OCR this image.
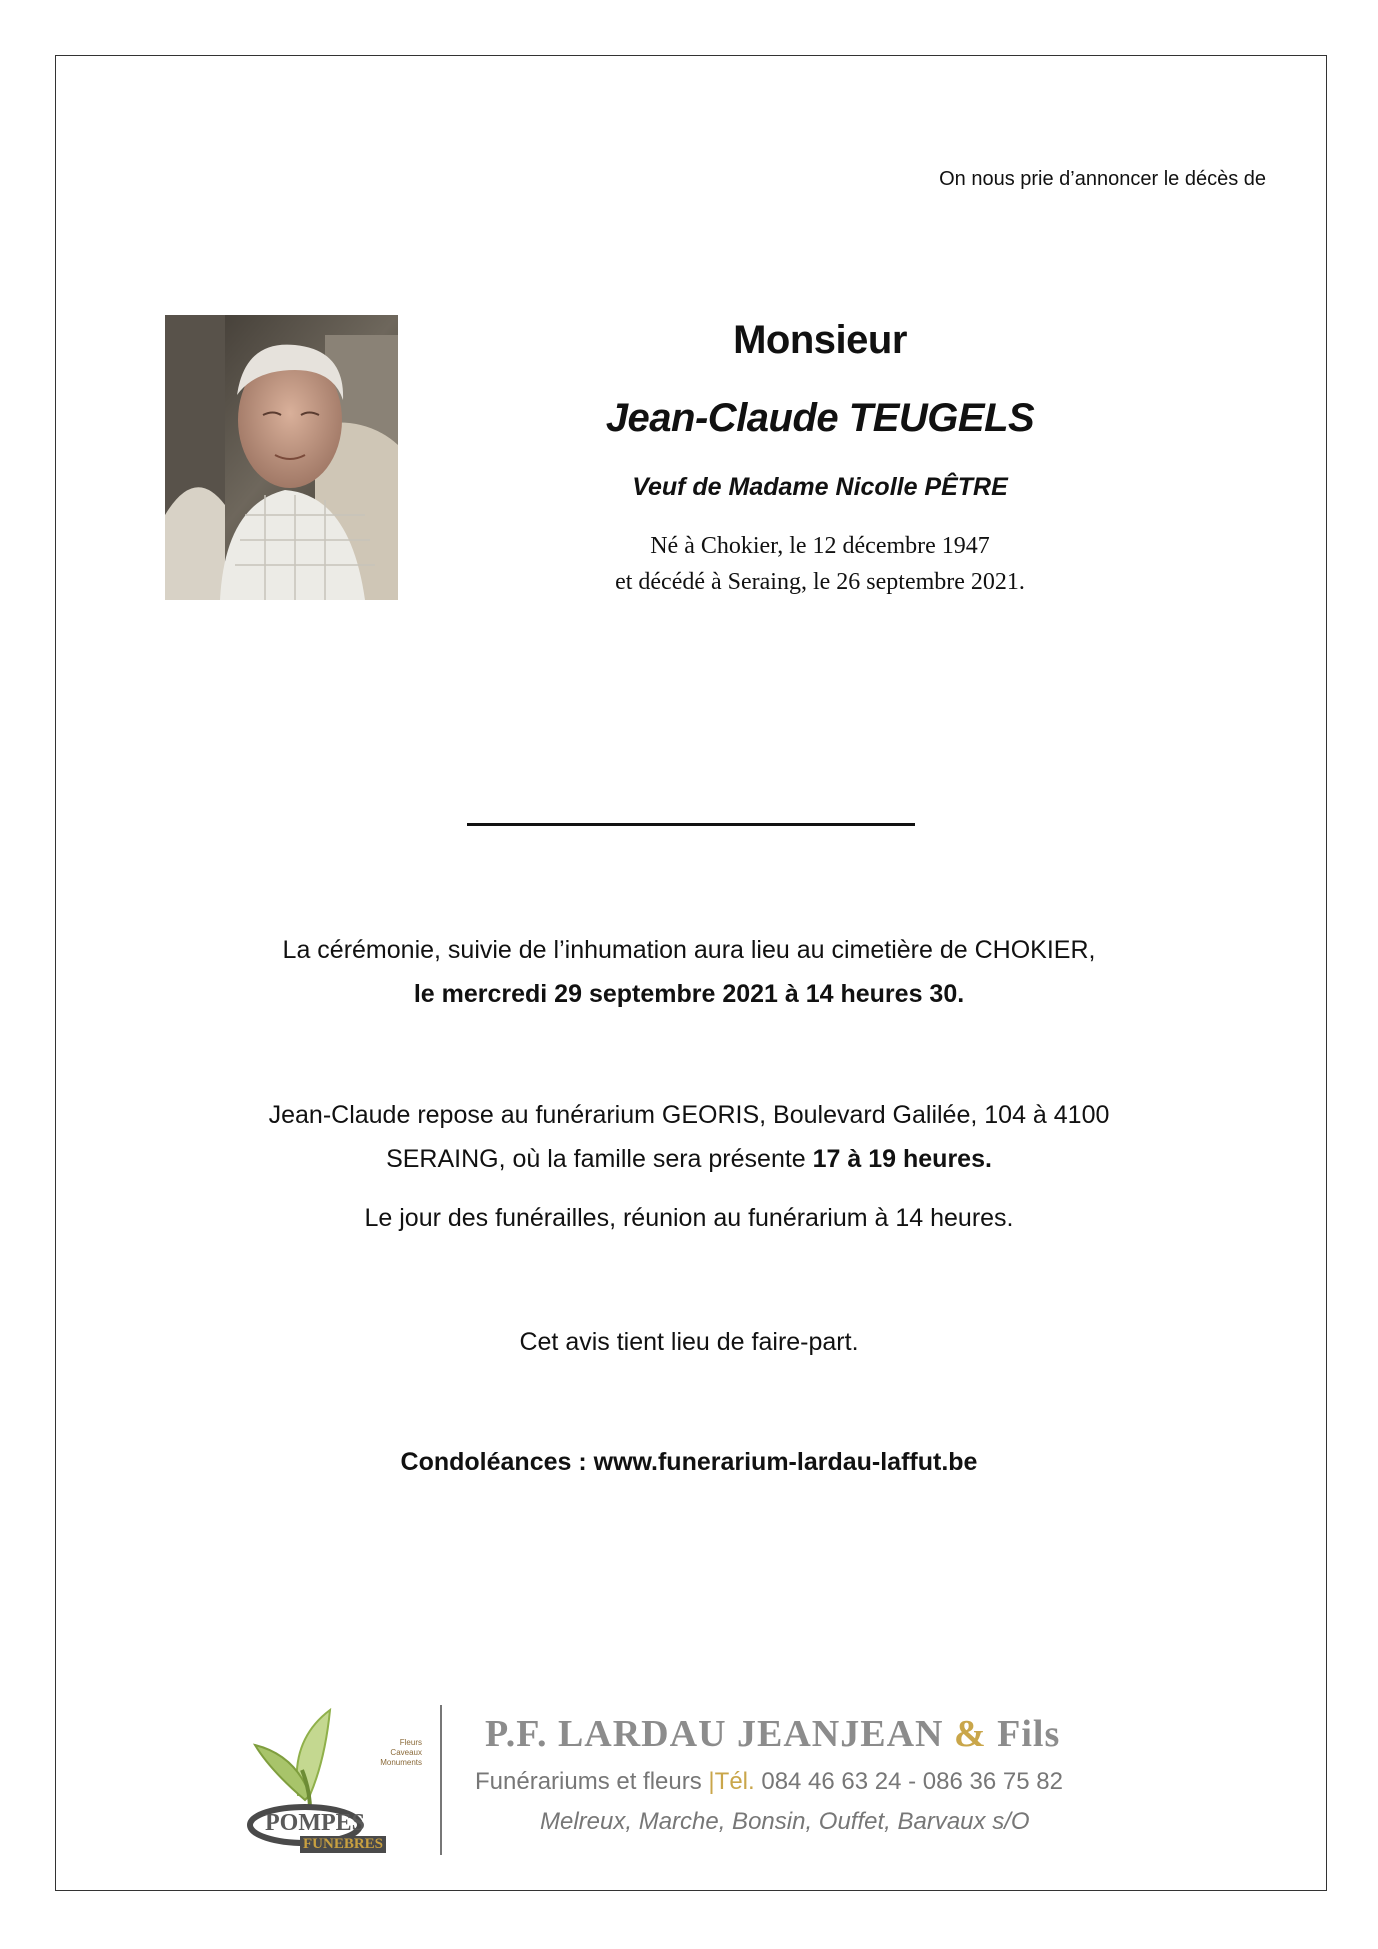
On nous prie d’annoncer le décès de
Monsieur
Jean-Claude TEUGELS
Veuf de Madame Nicolle PÊTRE
Né à Chokier, le 12 décembre 1947
et décédé à Seraing, le 26 septembre 2021.
La cérémonie, suivie de l’inhumation aura lieu au cimetière de CHOKIER,
le mercredi 29 septembre 2021 à 14 heures 30.
Jean-Claude repose au funérarium GEORIS, Boulevard Galilée, 104 à 4100
SERAING, où la famille sera présente 17 à 19 heures.
Le jour des funérailles, réunion au funérarium à 14 heures.
Cet avis tient lieu de faire-part.
Condoléances : www.funerarium-lardau-laffut.be
Fleurs
Caveaux
Monuments
POMPES
FUNEBRES
P.F. LARDAU JEANJEAN & Fils
Funérariums et fleurs |Tél. 084 46 63 24 - 086 36 75 82
Melreux, Marche, Bonsin, Ouffet, Barvaux s/O
